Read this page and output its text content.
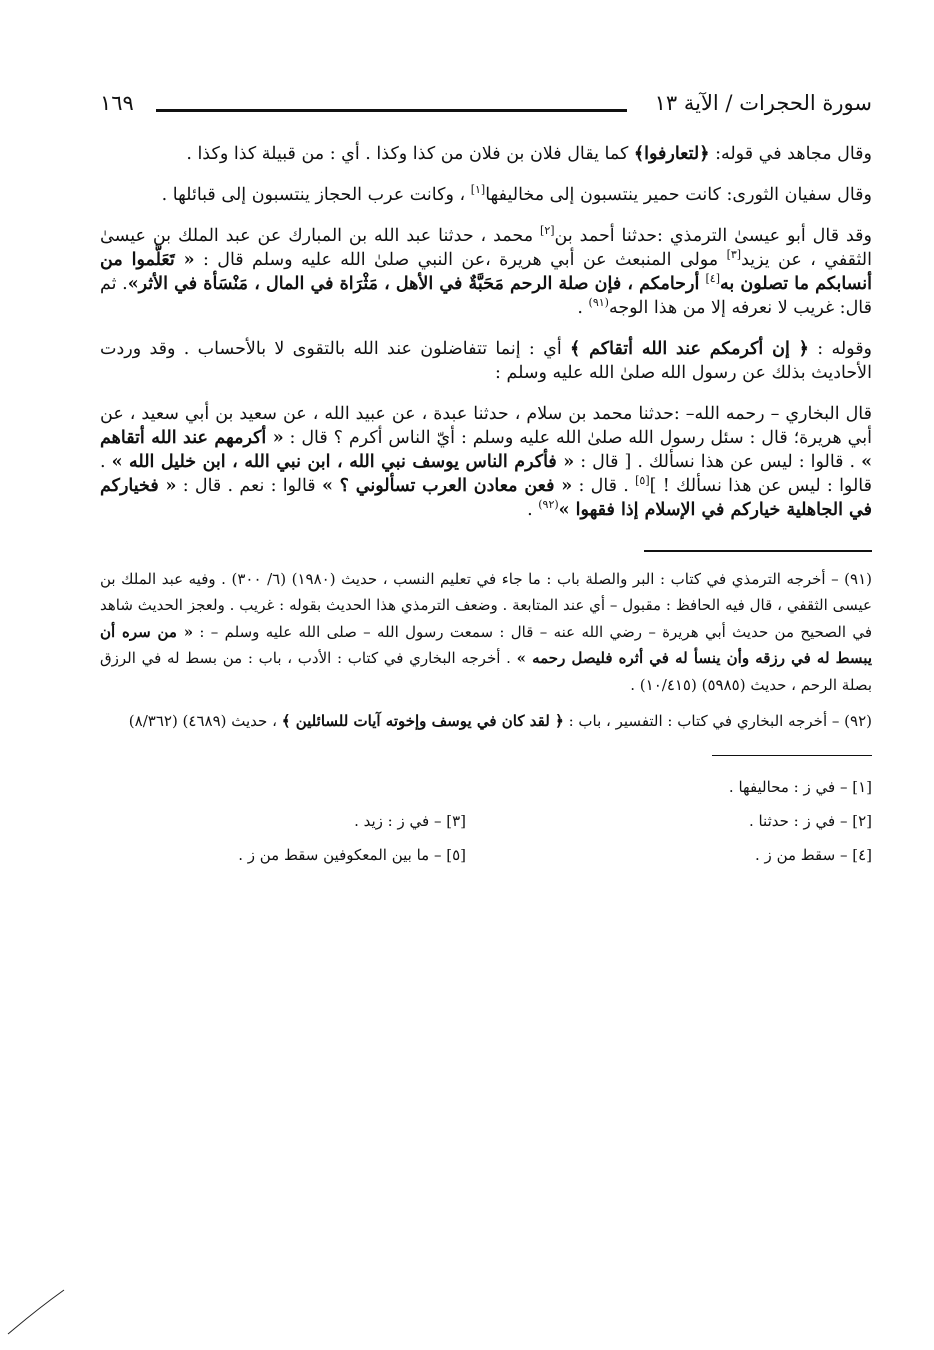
سورة الحجرات / الآية ١٣
١٦٩

وقال مجاهد في قوله: ﴿لتعارفوا﴾ كما يقال فلان بن فلان من كذا وكذا . أي : من قبيلة كذا وكذا .

وقال سفيان الثورى: كانت حمير ينتسبون إلى مخاليفها[١] ، وكانت عرب الحجاز ينتسبون إلى قبائلها .

وقد قال أبو عيسىٰ الترمذي :حدثنا أحمد بن[٢] محمد ، حدثنا عبد الله بن المبارك عن عبد الملك بن عيسىٰ الثقفي ، عن يزيد[٣] مولى المنبعث عن أبي هريرة ،عن النبي صلىٰ الله عليه وسلم قال : « تَعَلَّموا من أنسابكم ما تصلون به[٤] أرحامكم ، فإن صلة الرحم مَحَبَّةٌ في الأهل ، مَثْرَاة في المال ، مَنْسَأة في الأثر». ثم قال: غريب لا نعرفه إلا من هذا الوجه$^{(٩١)}$ .

وقوله : ﴿ إن أكرمكم عند الله أتقاكم ﴾ أي : إنما تتفاضلون عند الله بالتقوى لا بالأحساب . وقد وردت الأحاديث بذلك عن رسول الله صلىٰ الله عليه وسلم :

قال البخاري – رحمه الله– :حدثنا محمد بن سلام ، حدثنا عبدة ، عن عبيد الله ، عن سعيد بن أبي سعيد ، عن أبي هريرة؛ قال : سئل رسول الله صلىٰ الله عليه وسلم : أيّ الناس أكرم ؟ قال : « أكرمهم عند الله أتقاهم » . قالوا : ليس عن هذا نسألك . [ قال : « فأكرم الناس يوسف نبي الله ، ابن نبي الله ، ابن خليل الله » . قالوا : ليس عن هذا نسألك ! ][٥] . قال : « فعن معادن العرب تسألوني ؟ » قالوا : نعم . قال : « فخياركم في الجاهلية خياركم في الإسلام إذا فقهوا »$^{(٩٢)}$ .

(٩١) – أخرجه الترمذي في كتاب : البر والصلة باب : ما جاء في تعليم النسب ، حديث (١٩٨٠) (٦/ ٣٠٠) . وفيه عبد الملك بن عيسى الثقفي ، قال فيه الحافظ : مقبول – أي عند المتابعة . وضعف الترمذي هذا الحديث بقوله : غريب . ولعجز الحديث شاهد في الصحيح من حديث أبي هريرة – رضي الله عنه – قال : سمعت رسول الله – صلى الله عليه وسلم – : « من سره أن يبسط له في رزقه وأن ينسأ له في أثره فليصل رحمه » . أخرجه البخاري في كتاب : الأدب ، باب : من بسط له في الرزق بصلة الرحم ، حديث (٥٩٨٥) (١٠/٤١٥) .

(٩٢) – أخرجه البخاري في كتاب : التفسير ، باب : ﴿ لقد كان في يوسف وإخوته آيات للسائلين ﴾ ، حديث (٤٦٨٩) (٨/٣٦٢)

[١] – في ز : محاليفها .
[٢] – في ز : حدثنا .
[٤] – سقط من ز .
[٣] – في ز : زيد .
[٥] – ما بين المعكوفين سقط من ز .
